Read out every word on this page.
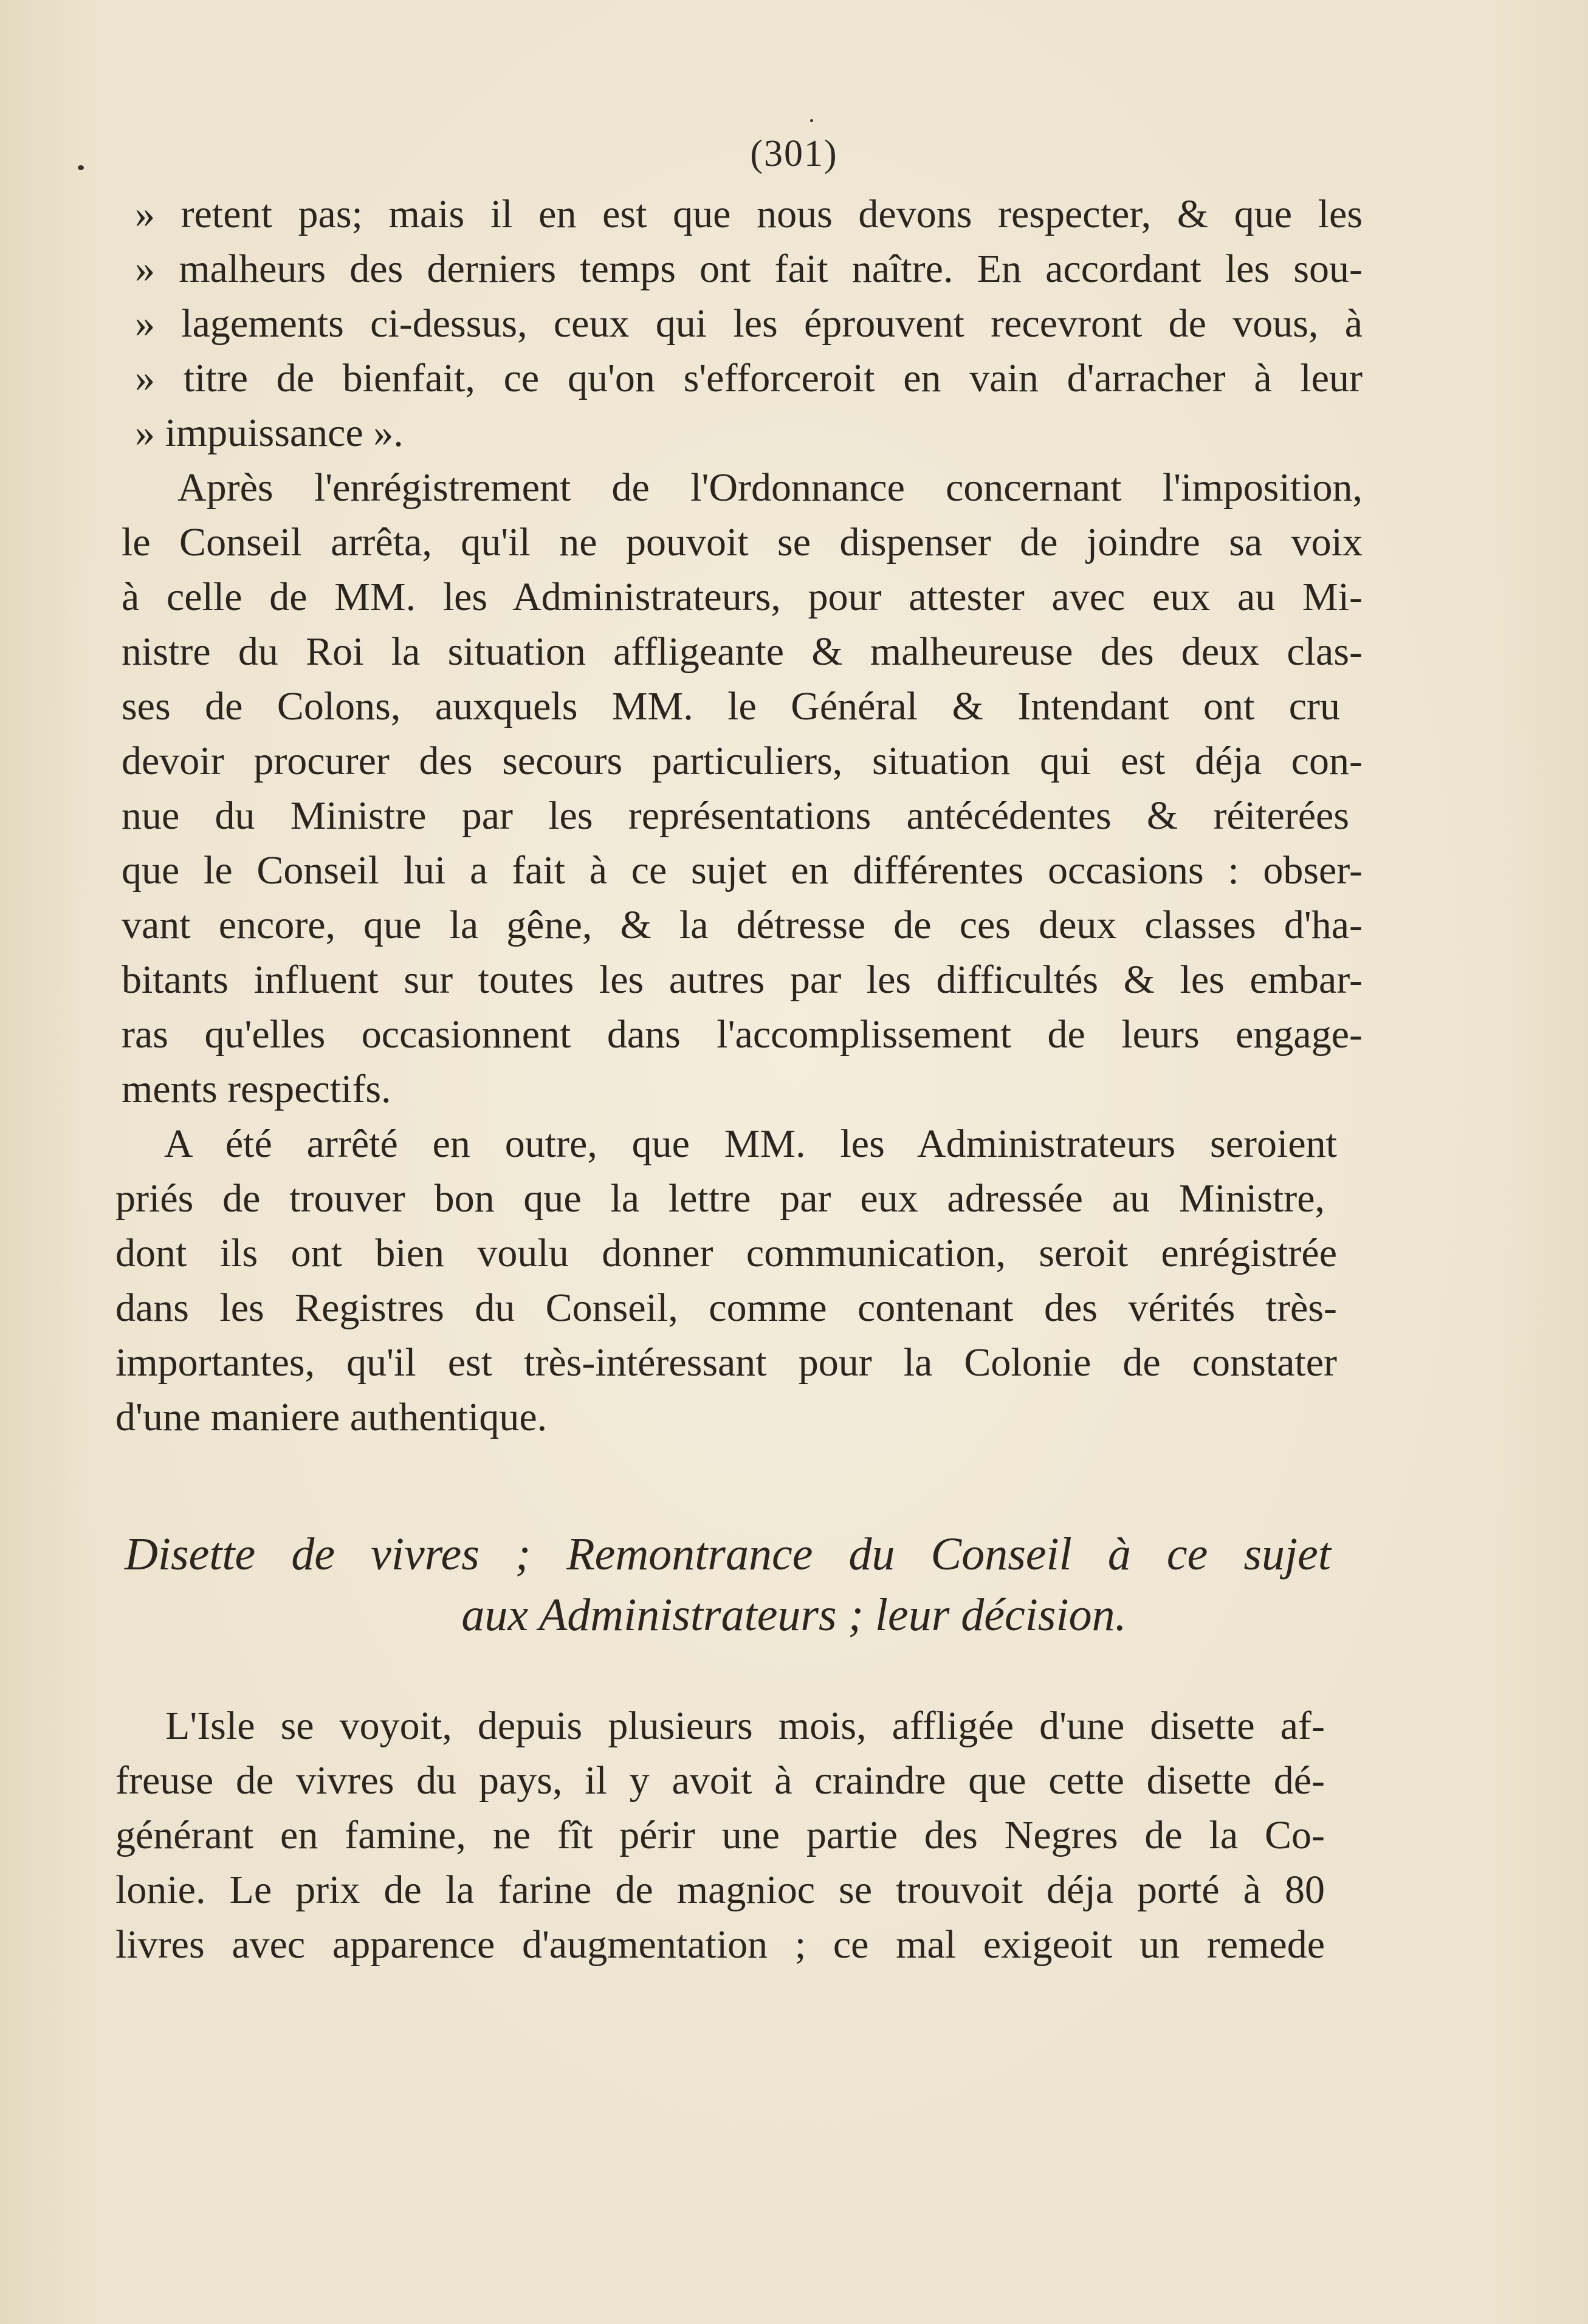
(301)
» retent pas; mais il en est que nous devons respecter, & que les
» malheurs des derniers temps ont fait naître. En accordant les sou-
» lagements ci-dessus, ceux qui les éprouvent recevront de vous, à
» titre de bienfait, ce qu'on s'efforceroit en vain d'arracher à leur
» impuissance ».
Après l'enrégistrement de l'Ordonnance concernant l'imposition,
le Conseil arrêta, qu'il ne pouvoit se dispenser de joindre sa voix
à celle de MM. les Administrateurs, pour attester avec eux au Mi-
nistre du Roi la situation affligeante & malheureuse des deux clas-
ses de Colons, auxquels MM. le Général & Intendant ont cru
devoir procurer des secours particuliers, situation qui est déja con-
nue du Ministre par les représentations antécédentes & réiterées
que le Conseil lui a fait à ce sujet en différentes occasions : obser-
vant encore, que la gêne, & la détresse de ces deux classes d'ha-
bitants influent sur toutes les autres par les difficultés & les embar-
ras qu'elles occasionnent dans l'accomplissement de leurs engage-
ments respectifs.
A été arrêté en outre, que MM. les Administrateurs seroient
priés de trouver bon que la lettre par eux adressée au Ministre,
dont ils ont bien voulu donner communication, seroit enrégistrée
dans les Registres du Conseil, comme contenant des vérités très-
importantes, qu'il est très-intéressant pour la Colonie de constater
d'une maniere authentique.
Disette de vivres ; Remontrance du Conseil à ce sujet
aux Administrateurs ; leur décision.
L'Isle se voyoit, depuis plusieurs mois, affligée d'une disette af-
freuse de vivres du pays, il y avoit à craindre que cette disette dé-
générant en famine, ne fît périr une partie des Negres de la Co-
lonie. Le prix de la farine de magnioc se trouvoit déja porté à 80
livres avec apparence d'augmentation ; ce mal exigeoit un remede
